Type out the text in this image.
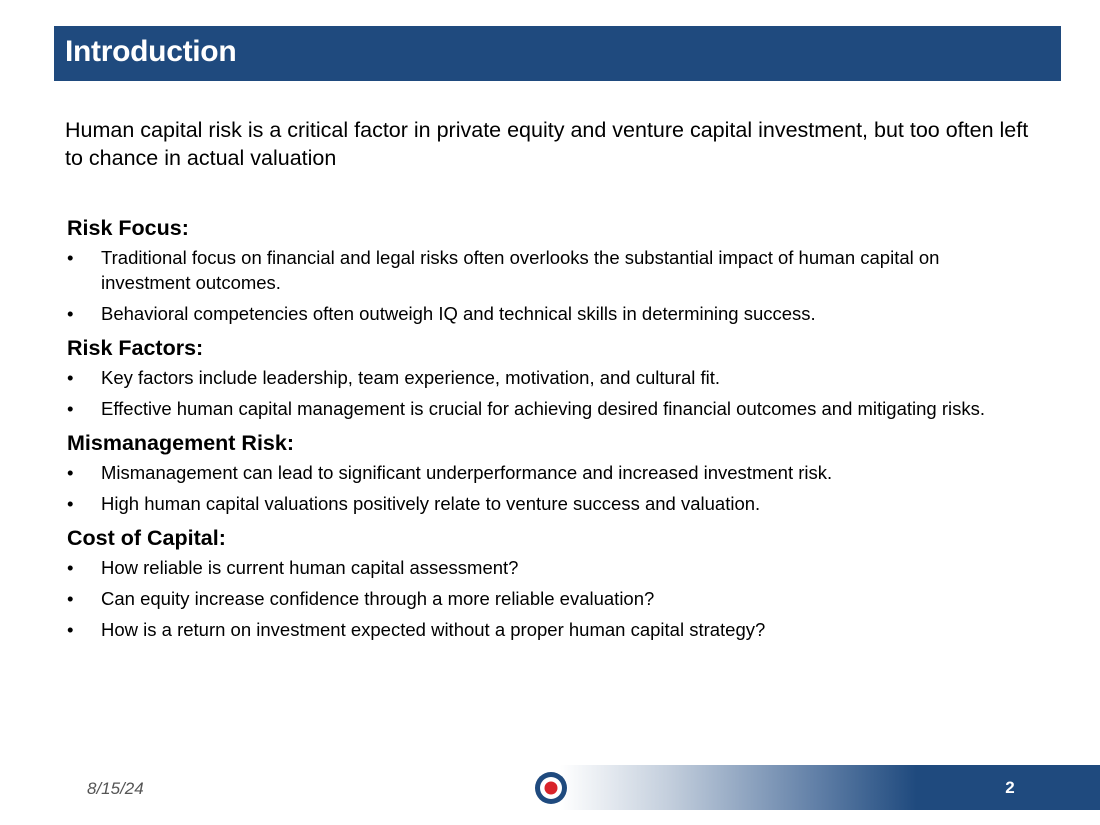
Introduction
Human capital risk is a critical factor in private equity and venture capital investment, but too often left to chance in actual valuation

Risk Focus:

•	Traditional focus on financial and legal risks often overlooks the substantial impact of human capital on investment outcomes.
•	Behavioral competencies often outweigh IQ and technical skills in determining success.

Risk Factors:

•	Key factors include leadership, team experience, motivation, and cultural fit.
•	Effective human capital management is crucial for achieving desired financial outcomes and mitigating risks.

Mismanagement Risk:

•	Mismanagement can lead to significant underperformance and increased investment risk.
•	High human capital valuations positively relate to venture success and valuation.

Cost of Capital:

•	How reliable is current human capital assessment?
•	Can equity increase confidence through a more reliable evaluation?
•	How is a return on investment expected without a proper human capital strategy?
8/15/24	2
